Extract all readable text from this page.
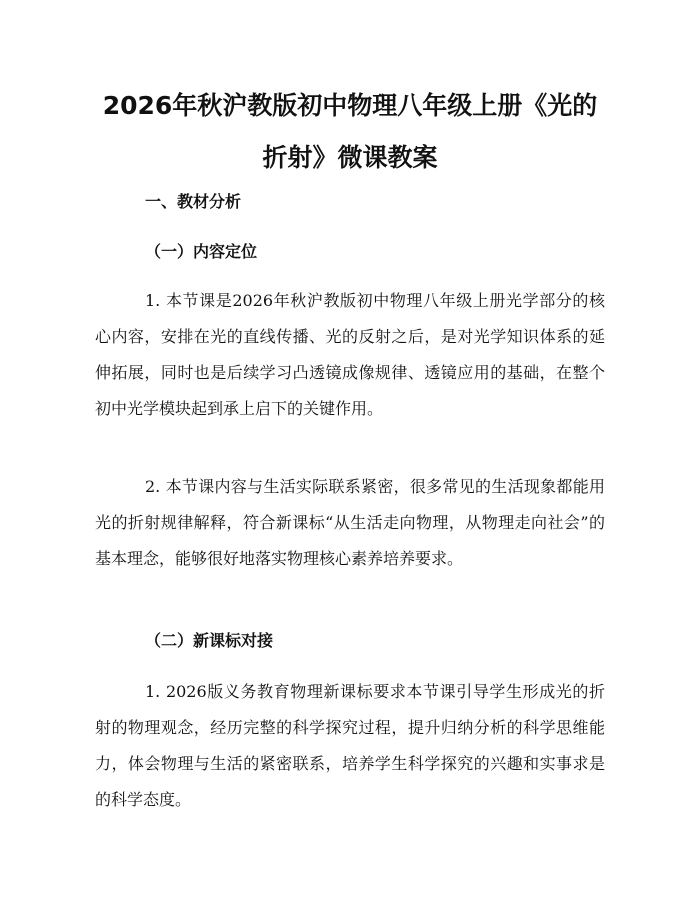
2026年秋沪教版初中物理八年级上册《光的
折射》微课教案
一、教材分析
（一）内容定位

1. 本节课是2026年秋沪教版初中物理八年级上册光学部分的核心内容，安排在光的直线传播、光的反射之后，是对光学知识体系的延伸拓展，同时也是后续学习凸透镜成像规律、透镜应用的基础，在整个初中光学模块起到承上启下的关键作用。

2. 本节课内容与生活实际联系紧密，很多常见的生活现象都能用光的折射规律解释，符合新课标“从生活走向物理，从物理走向社会”的基本理念，能够很好地落实物理核心素养培养要求。

（二）新课标对接

1. 2026版义务教育物理新课标要求本节课引导学生形成光的折射的物理观念，经历完整的科学探究过程，提升归纳分析的科学思维能力，体会物理与生活的紧密联系，培养学生科学探究的兴趣和实事求是的科学态度。
